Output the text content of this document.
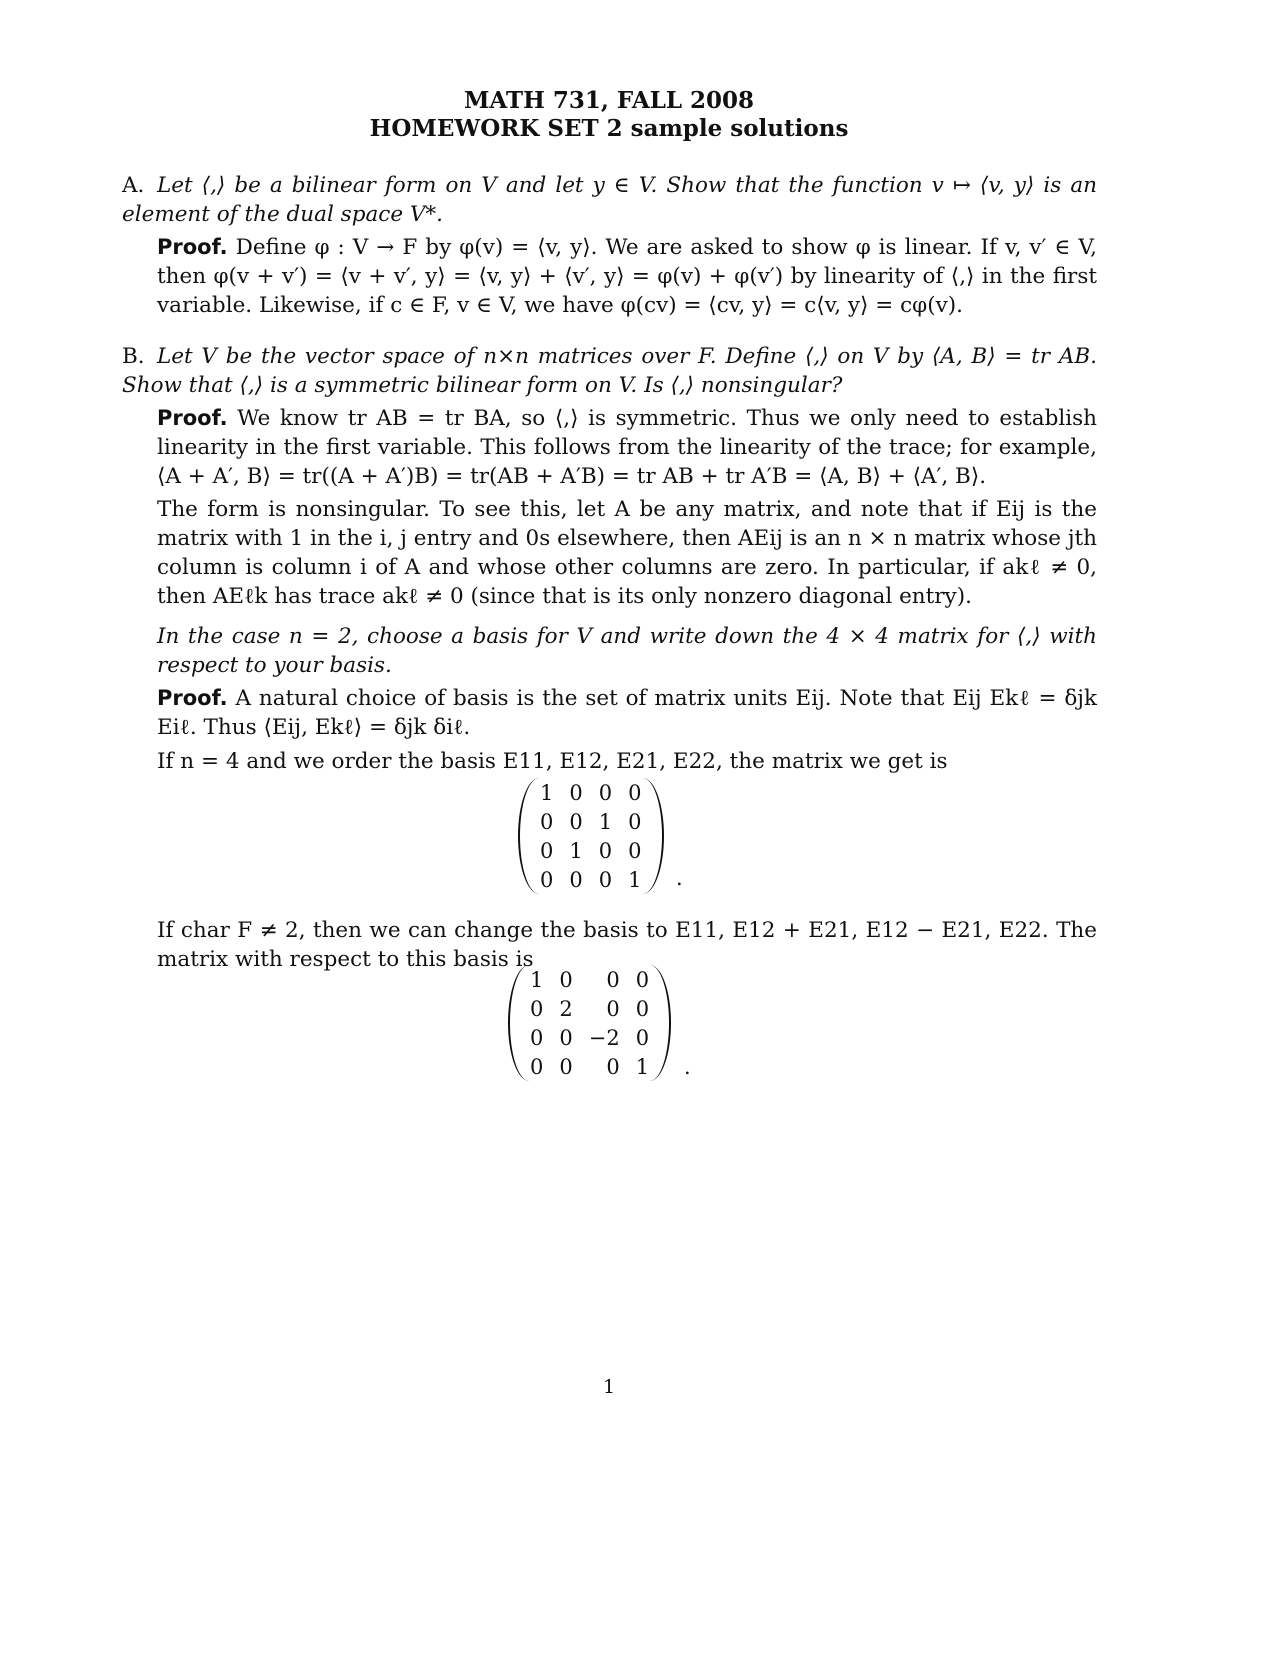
MATH 731, FALL 2008
HOMEWORK SET 2 sample solutions
A. Let ⟨,⟩ be a bilinear form on V and let y ∈ V. Show that the function v ↦ ⟨v, y⟩ is an element of the dual space V*.
Proof. Define φ : V → F by φ(v) = ⟨v, y⟩. We are asked to show φ is linear. If v, v′ ∈ V, then φ(v + v′) = ⟨v + v′, y⟩ = ⟨v, y⟩ + ⟨v′, y⟩ = φ(v) + φ(v′) by linearity of ⟨,⟩ in the first variable. Likewise, if c ∈ F, v ∈ V, we have φ(cv) = ⟨cv, y⟩ = c⟨v, y⟩ = cφ(v).
B. Let V be the vector space of n×n matrices over F. Define ⟨,⟩ on V by ⟨A, B⟩ = tr AB. Show that ⟨,⟩ is a symmetric bilinear form on V. Is ⟨,⟩ nonsingular?
Proof. We know tr AB = tr BA, so ⟨,⟩ is symmetric. Thus we only need to establish linearity in the first variable. This follows from the linearity of the trace; for example, ⟨A + A′, B⟩ = tr((A + A′)B) = tr(AB + A′B) = tr AB + tr A′B = ⟨A, B⟩ + ⟨A′, B⟩.
The form is nonsingular. To see this, let A be any matrix, and note that if Eij is the matrix with 1 in the i, j entry and 0s elsewhere, then AEij is an n × n matrix whose jth column is column i of A and whose other columns are zero. In particular, if akℓ ≠ 0, then AEℓk has trace akℓ ≠ 0 (since that is its only nonzero diagonal entry).
In the case n = 2, choose a basis for V and write down the 4 × 4 matrix for ⟨,⟩ with respect to your basis.
Proof. A natural choice of basis is the set of matrix units Eij. Note that Eij Ekℓ = δjk Eiℓ. Thus ⟨Eij, Ekℓ⟩ = δjk δiℓ.
If n = 4 and we order the basis E11, E12, E21, E22, the matrix we get is
1	0	0	0
0	0	1	0
0	1	0	0
0	0	0	1 .
If char F ≠ 2, then we can change the basis to E11, E12 + E21, E12 − E21, E22. The matrix with respect to this basis is
1	0	0	0
0	2	0	0
0	0	−2	0
0	0	0	1 .
1
